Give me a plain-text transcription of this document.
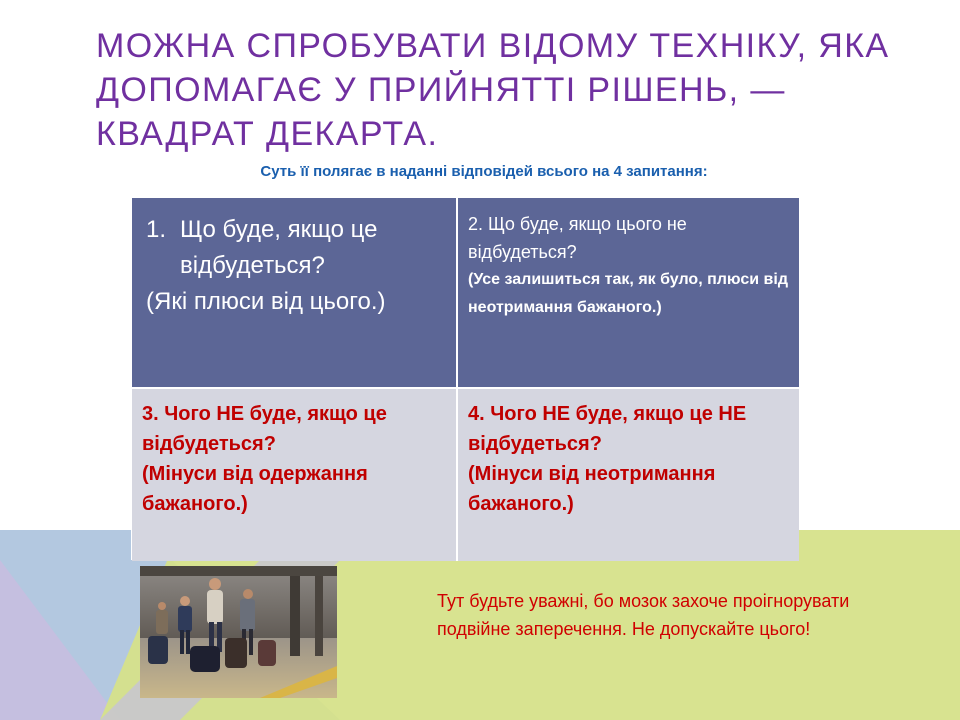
МОЖНА СПРОБУВАТИ ВІДОМУ ТЕХНІКУ, ЯКА ДОПОМАГАЄ У ПРИЙНЯТТІ РІШЕНЬ, — КВАДРАТ ДЕКАРТА.

Суть її полягає в наданні відповідей всього на 4 запитання:

1. Що буде, якщо це відбудеться?
(Які плюси від цього.)
2. Що буде, якщо цього не відбудеться?
(Усе залишиться так, як було, плюси від неотримання бажаного.)
3. Чого НЕ буде, якщо це відбудеться?
(Мінуси від одержання бажаного.)
4. Чого НЕ буде, якщо це НЕ відбудеться?
(Мінуси від неотримання бажаного.)

Тут будьте уважні, бо мозок захоче проігнорувати подвійне заперечення. Не допускайте цього!
